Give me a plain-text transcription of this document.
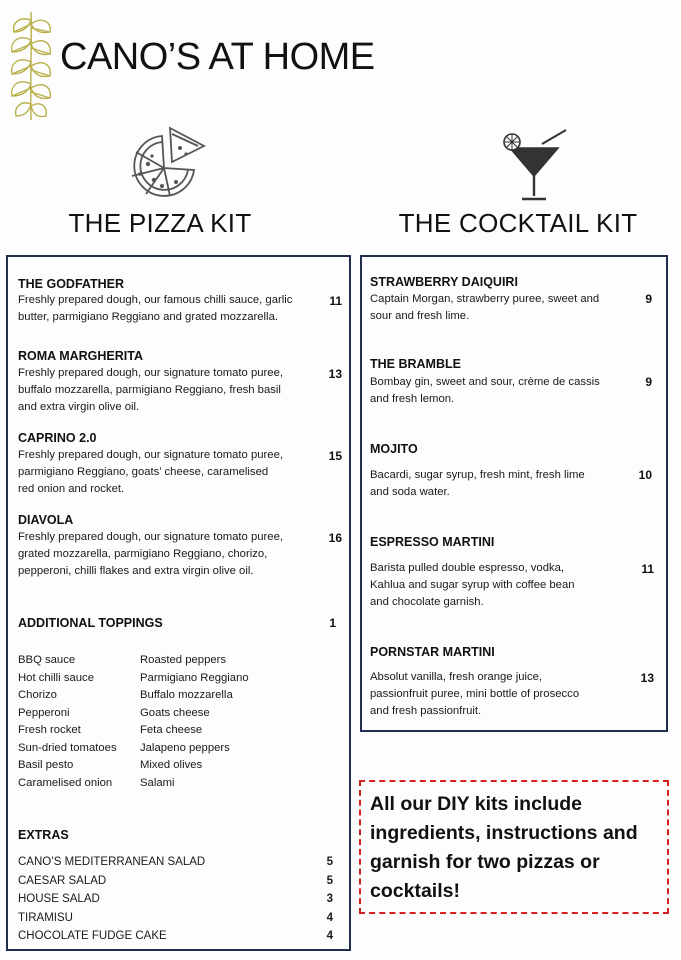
CANO’S AT HOME
THE PIZZA KIT	THE COCKTAIL KIT
THE GODFATHER
11
Freshly prepared dough, our famous chilli sauce, garlic
butter, parmigiano Reggiano and grated mozzarella.
ROMA MARGHERITA
13
Freshly prepared dough, our signature tomato puree,
buffalo mozzarella, parmigiano Reggiano, fresh basil
and extra virgin olive oil.
CAPRINO 2.0
15
Freshly prepared dough, our signature tomato puree,
parmigiano Reggiano, goats’ cheese, caramelised
red onion and rocket.
DIAVOLA
16
Freshly prepared dough, our signature tomato puree,
grated mozzarella, parmigiano Reggiano, chorizo,
pepperoni, chilli flakes and extra virgin olive oil.
ADDITIONAL TOPPINGS	1
BBQ sauce
Hot chilli sauce
Chorizo
Pepperoni
Fresh rocket
Sun-dried tomatoes
Basil pesto
Caramelised onion
Roasted peppers
Parmigiano Reggiano
Buffalo mozzarella
Goats cheese
Feta cheese
Jalapeno peppers
Mixed olives
Salami
EXTRAS
CANO’S MEDITERRANEAN SALAD	5
CAESAR SALAD	5
HOUSE SALAD	3
TIRAMISU	4
CHOCOLATE FUDGE CAKE	4
STRAWBERRY DAIQUIRI
9
Captain Morgan, strawberry puree, sweet and
sour and fresh lime.
THE BRAMBLE
9
Bombay gin, sweet and sour, crème de cassis
and fresh lemon.
MOJITO
10
Bacardi, sugar syrup, fresh mint, fresh lime
and soda water.
ESPRESSO MARTINI
11
Barista pulled double espresso, vodka,
Kahlua and sugar syrup with coffee bean
and chocolate garnish.
PORNSTAR MARTINI
13
Absolut vanilla, fresh orange juice,
passionfruit puree, mini bottle of prosecco
and fresh passionfruit.
All our DIY kits include
ingredients, instructions and
garnish for two pizzas or
cocktails!
